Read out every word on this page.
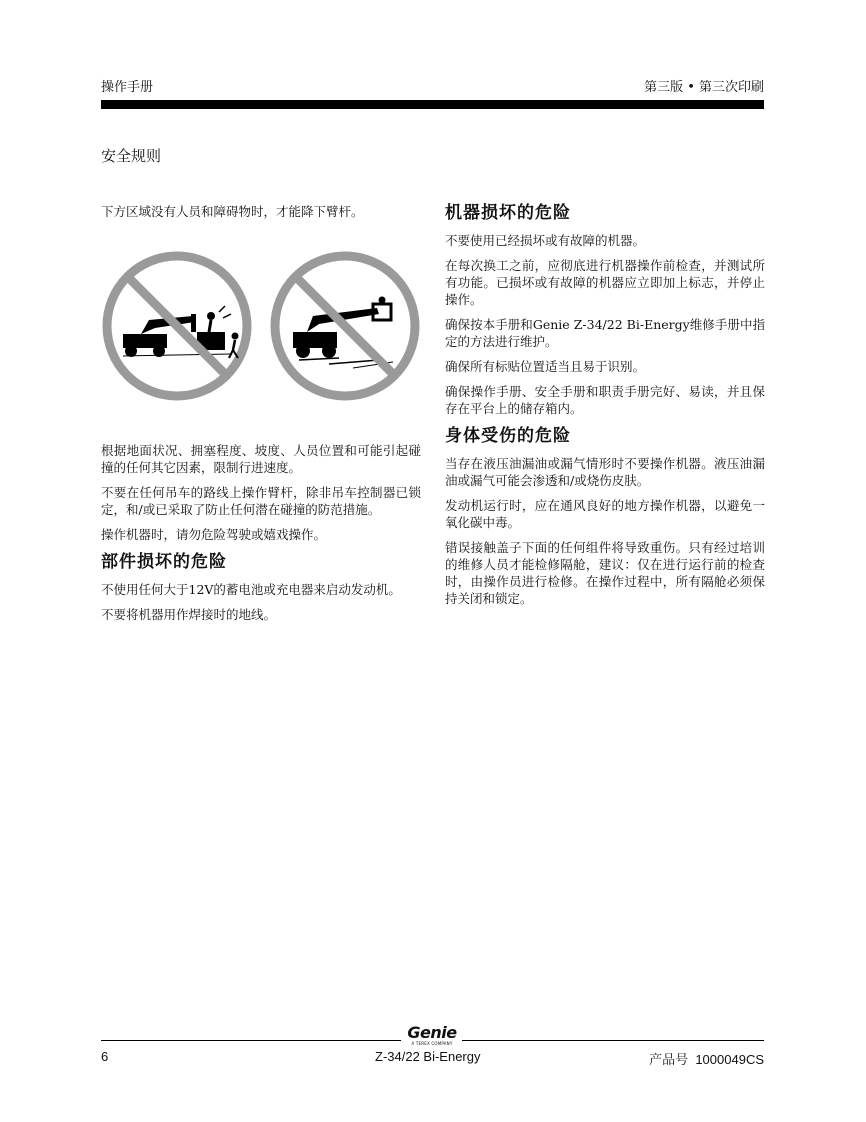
操作手册	第三版 • 第三次印刷
安全规则

下方区域没有人员和障碍物时，才能降下臂杆。

根据地面状况、拥塞程度、坡度、人员位置和可能引起碰撞的任何其它因素，限制行进速度。

不要在任何吊车的路线上操作臂杆，除非吊车控制器已锁定，和/或已采取了防止任何潜在碰撞的防范措施。

操作机器时，请勿危险驾驶或嬉戏操作。

部件损坏的危险

不使用任何大于12V的蓄电池或充电器来启动发动机。

不要将机器用作焊接时的地线。

机器损坏的危险

不要使用已经损坏或有故障的机器。

在每次换工之前，应彻底进行机器操作前检查，并测试所有功能。已损坏或有故障的机器应立即加上标志，并停止操作。

确保按本手册和Genie Z-34/22 Bi-Energy维修手册中指定的方法进行维护。

确保所有标贴位置适当且易于识别。

确保操作手册、安全手册和职责手册完好、易读，并且保存在平台上的储存箱内。

身体受伤的危险

当存在液压油漏油或漏气情形时不要操作机器。液压油漏油或漏气可能会渗透和/或烧伤皮肤。

发动机运行时，应在通风良好的地方操作机器，以避免一氧化碳中毒。

错误接触盖子下面的任何组件将导致重伤。只有经过培训的维修人员才能检修隔舱，建议：仅在进行运行前的检查时，由操作员进行检修。在操作过程中，所有隔舱必须保持关闭和锁定。

Genie
A TEREX COMPANY
6	Z-34/22 Bi-Energy	产品号 1000049CS
